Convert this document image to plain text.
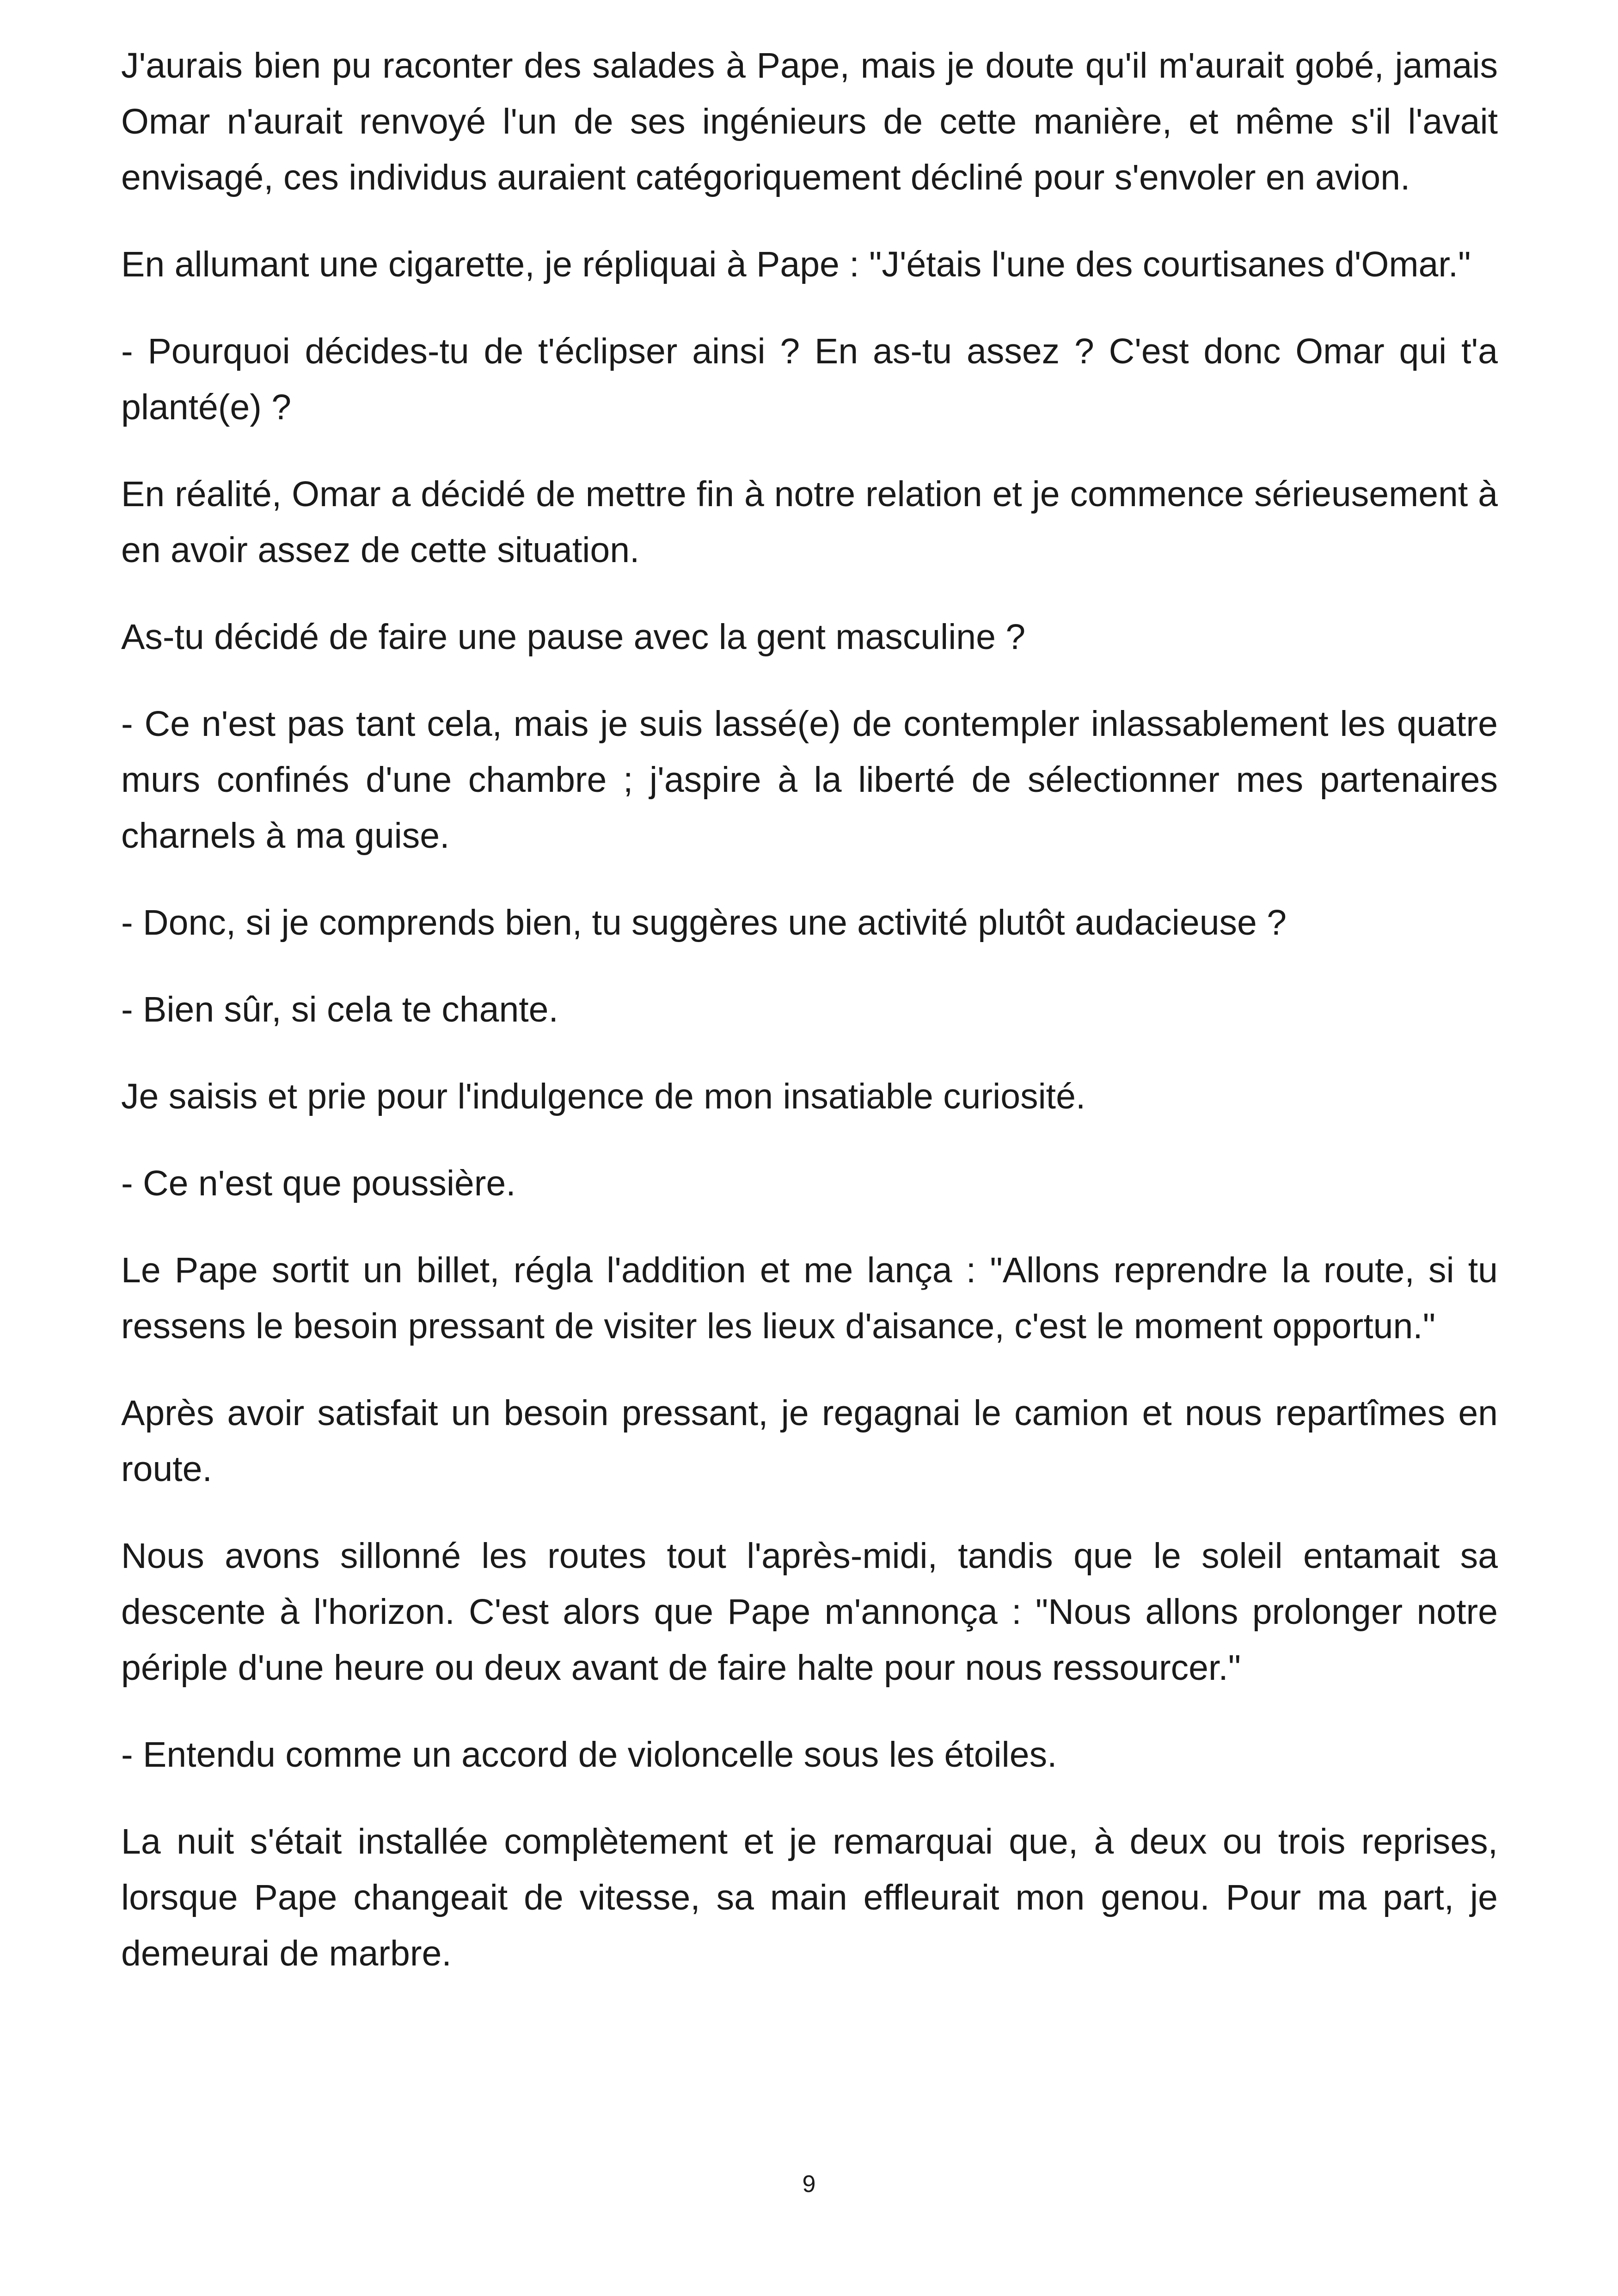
J'aurais bien pu raconter des salades à Pape, mais je doute qu'il m'aurait gobé, jamais Omar n'aurait renvoyé l'un de ses ingénieurs de cette manière, et même s'il l'avait envisagé, ces individus auraient catégoriquement décliné pour s'envoler en avion.

En allumant une cigarette, je répliquai à Pape : "J'étais l'une des courtisanes d'Omar."

- Pourquoi décides-tu de t'éclipser ainsi ? En as-tu assez ? C'est donc Omar qui t'a planté(e) ?

En réalité, Omar a décidé de mettre fin à notre relation et je commence sérieusement à en avoir assez de cette situation.

As-tu décidé de faire une pause avec la gent masculine ?

- Ce n'est pas tant cela, mais je suis lassé(e) de contempler inlassablement les quatre murs confinés d'une chambre ; j'aspire à la liberté de sélectionner mes partenaires charnels à ma guise.

- Donc, si je comprends bien, tu suggères une activité plutôt audacieuse ?

- Bien sûr, si cela te chante.

Je saisis et prie pour l'indulgence de mon insatiable curiosité.

- Ce n'est que poussière.

Le Pape sortit un billet, régla l'addition et me lança : "Allons reprendre la route, si tu ressens le besoin pressant de visiter les lieux d'aisance, c'est le moment opportun."

Après avoir satisfait un besoin pressant, je regagnai le camion et nous repartîmes en route.

Nous avons sillonné les routes tout l'après-midi, tandis que le soleil entamait sa descente à l'horizon. C'est alors que Pape m'annonça : "Nous allons prolonger notre périple d'une heure ou deux avant de faire halte pour nous ressourcer."

- Entendu comme un accord de violoncelle sous les étoiles.

La nuit s'était installée complètement et je remarquai que, à deux ou trois reprises, lorsque Pape changeait de vitesse, sa main effleurait mon genou. Pour ma part, je demeurai de marbre.

9
